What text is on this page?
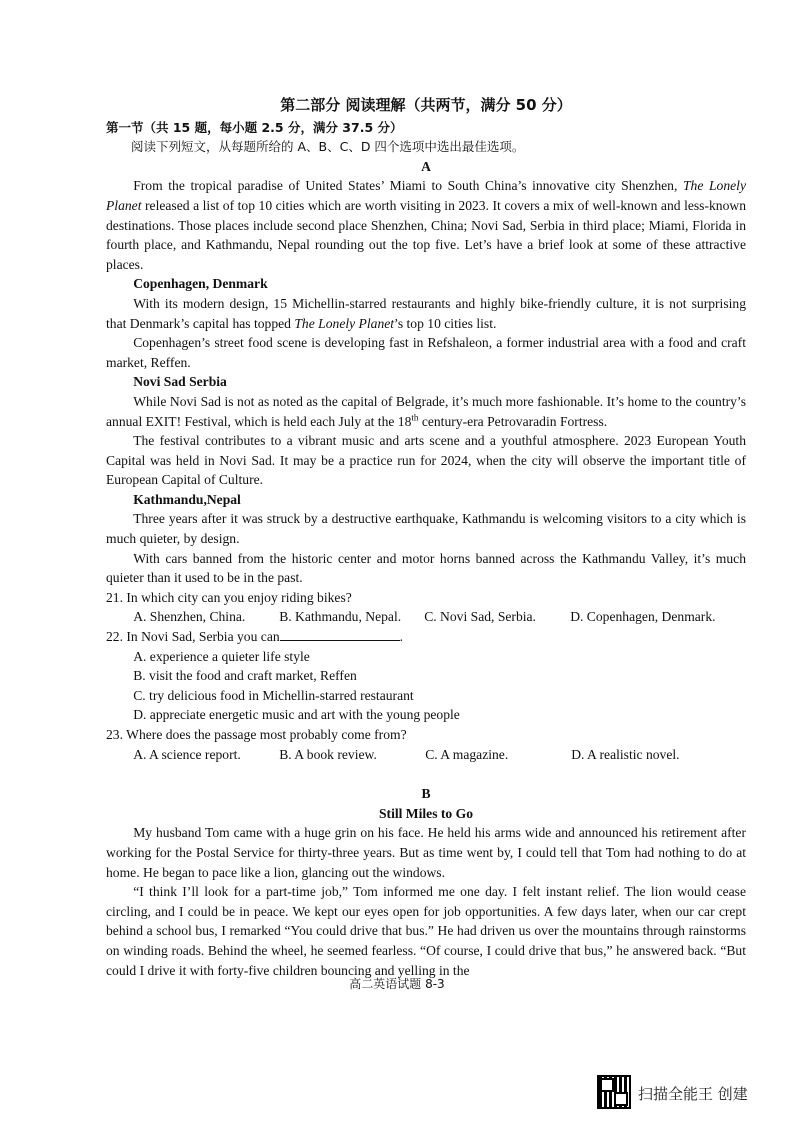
第二部分 阅读理解（共两节，满分 50 分）
第一节（共 15 题，每小题 2.5 分，满分 37.5 分）
阅读下列短文，从每题所给的 A、B、C、D 四个选项中选出最佳选项。
A

From the tropical paradise of United States’ Miami to South China’s innovative city Shenzhen, The Lonely Planet released a list of top 10 cities which are worth visiting in 2023. It covers a mix of well-known and less-known destinations. Those places include second place Shenzhen, China; Novi Sad, Serbia in third place; Miami, Florida in fourth place, and Kathmandu, Nepal rounding out the top five. Let’s have a brief look at some of these attractive places.

Copenhagen, Denmark

With its modern design, 15 Michellin-starred restaurants and highly bike-friendly culture, it is not surprising that Denmark’s capital has topped The Lonely Planet’s top 10 cities list.

Copenhagen’s street food scene is developing fast in Refshaleon, a former industrial area with a food and craft market, Reffen.

Novi Sad Serbia

While Novi Sad is not as noted as the capital of Belgrade, it’s much more fashionable. It’s home to the country’s annual EXIT! Festival, which is held each July at the 18th century-era Petrovaradin Fortress.

The festival contributes to a vibrant music and arts scene and a youthful atmosphere. 2023 European Youth Capital was held in Novi Sad. It may be a practice run for 2024, when the city will observe the important title of European Capital of Culture.

Kathmandu,Nepal

Three years after it was struck by a destructive earthquake, Kathmandu is welcoming visitors to a city which is much quieter, by design.

With cars banned from the historic center and motor horns banned across the Kathmandu Valley, it’s much quieter than it used to be in the past.

21. In which city can you enjoy riding bikes?
A. Shenzhen, China.	B. Kathmandu, Nepal.	C. Novi Sad, Serbia.	D. Copenhagen, Denmark.
22. In Novi Sad, Serbia you can	.
A. experience a quieter life style
B. visit the food and craft market, Reffen
C. try delicious food in Michellin-starred restaurant
D. appreciate energetic music and art with the young people
23. Where does the passage most probably come from?
A. A science report.	B. A book review.	C. A magazine.	D. A realistic novel.
B
Still Miles to Go

My husband Tom came with a huge grin on his face. He held his arms wide and announced his retirement after working for the Postal Service for thirty-three years. But as time went by, I could tell that Tom had nothing to do at home. He began to pace like a lion, glancing out the windows.

“I think I’ll look for a part-time job,” Tom informed me one day. I felt instant relief. The lion would cease circling, and I could be in peace. We kept our eyes open for job opportunities. A few days later, when our car crept behind a school bus, I remarked “You could drive that bus.” He had driven us over the mountains through rainstorms on winding roads. Behind the wheel, he seemed fearless. “Of course, I could drive that bus,” he answered back. “But could I drive it with forty-five children bouncing and yelling in the

高二英语试题 8-3
扫描全能王 创建
